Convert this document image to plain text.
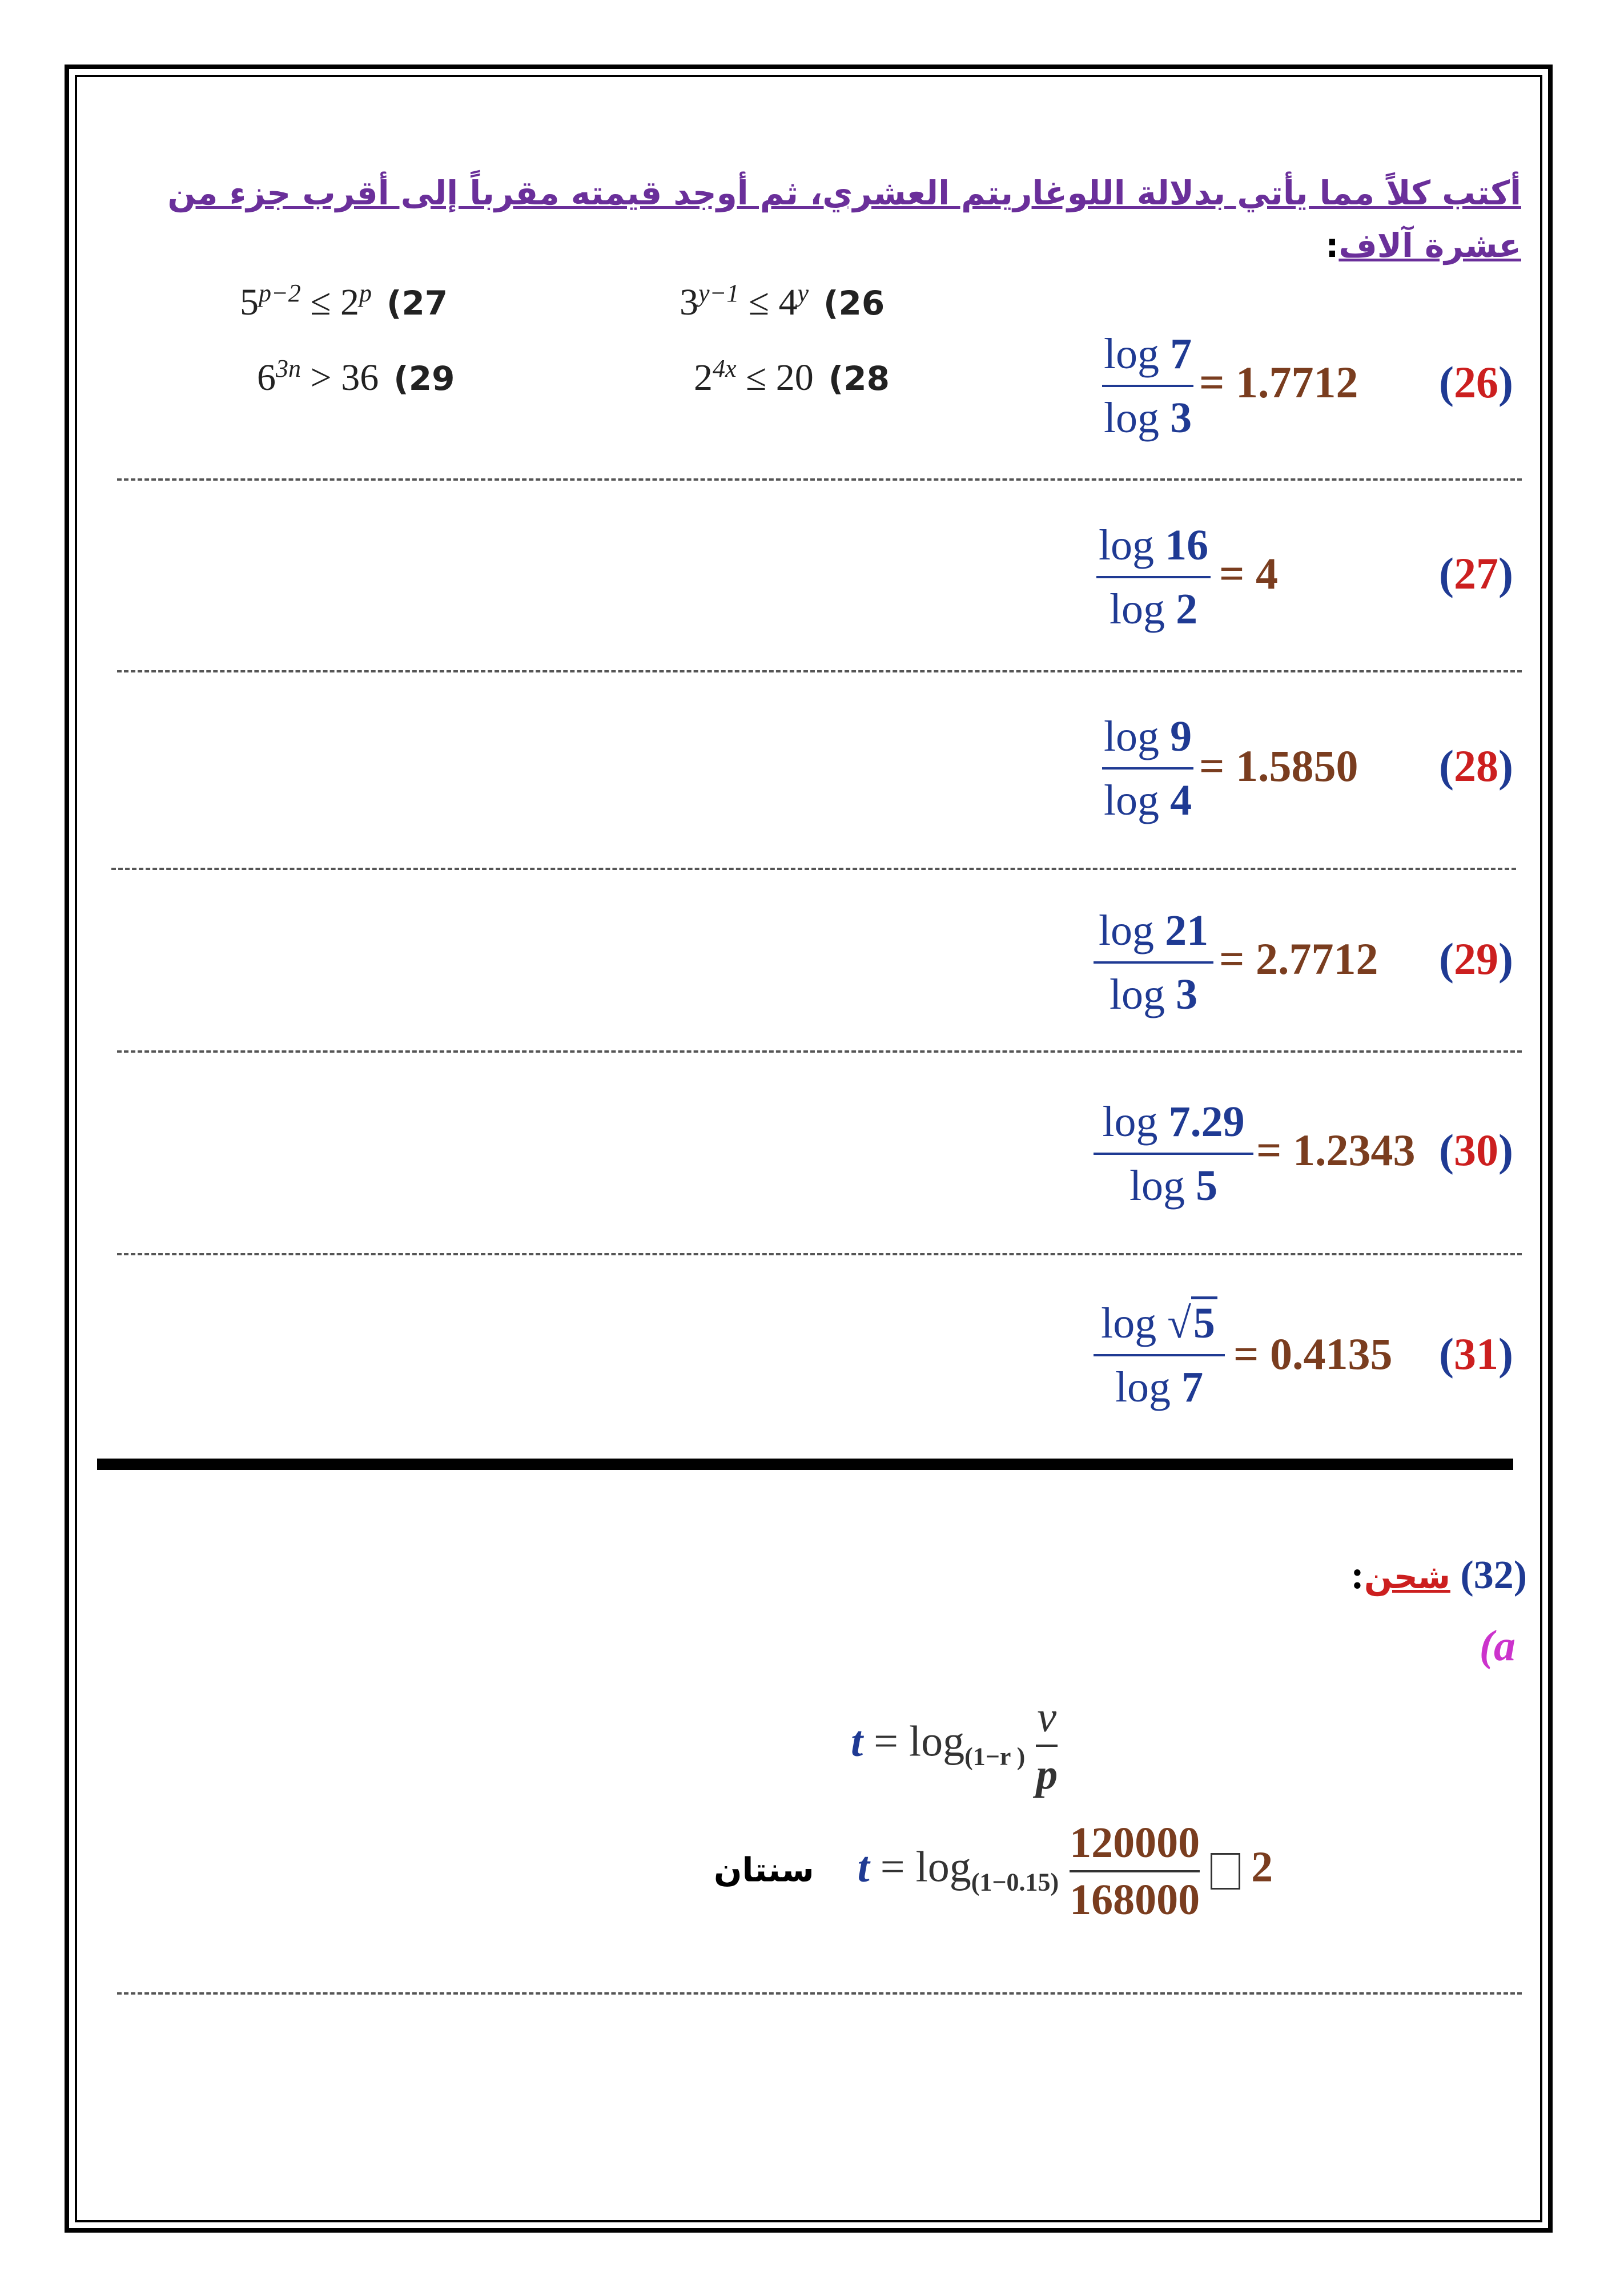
أكتب كلاً مما يأتي بدلالة اللوغاريتم العشري، ثم أوجد قيمته مقرباً إلى أقرب جزء من عشرة آلاف:
$3^{y-1} \le 4^y$ (26
$5^{p-2} \le 2^p$ (27
$2^{4x} \le 20$ (28
$6^{3n} > 36$ (29	(26)
log 7
log 3
= 1.7712
(27)
log 16
log 2
= 4
(28)
log 9
log 4
= 1.5850
(29)
log 21
log 3
= 2.7712
(30)
log 7.29
log 5
= 1.2343
(31)
log √5
log 7
= 0.4135
(32) شحن:
(a
$t = \log_{(1-r )} \frac{v}{p}$
سنتان $t = \log_{(1-0.15)} \frac{120000}{168000} 2$
